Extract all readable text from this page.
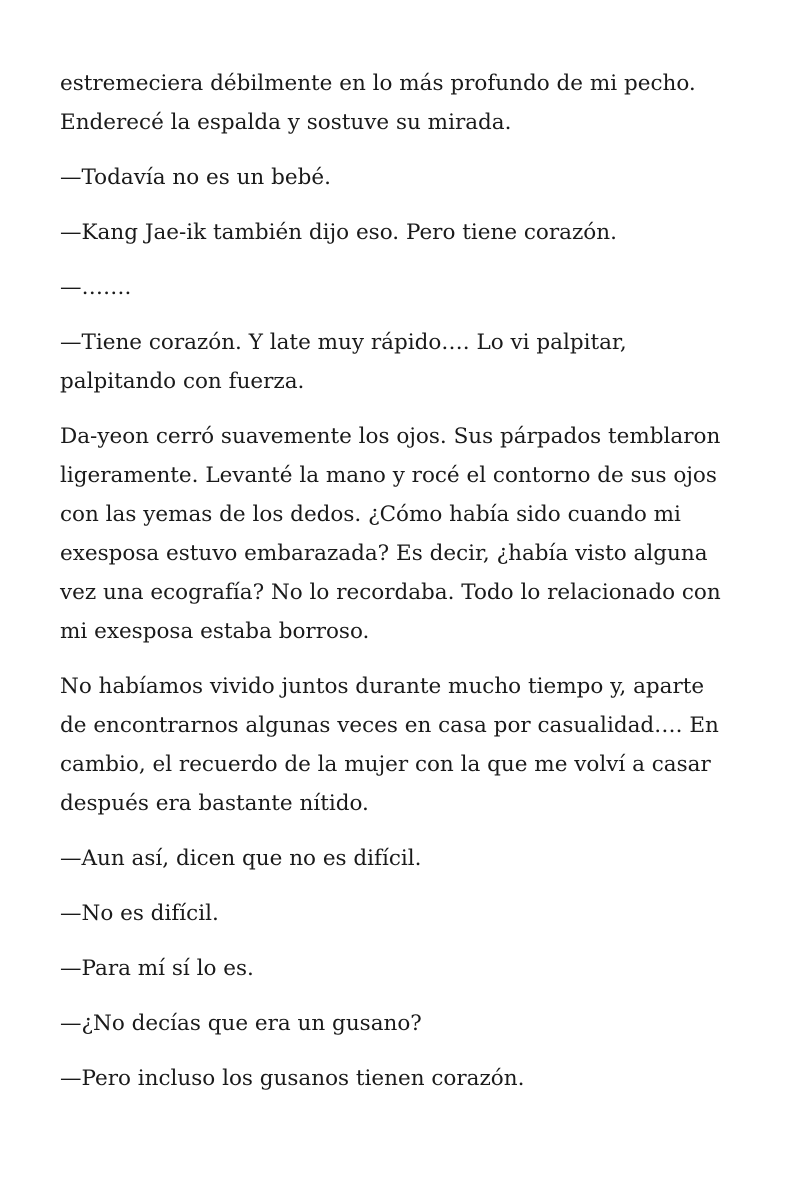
estremeciera débilmente en lo más profundo de mi pecho.
Enderecé la espalda y sostuve su mirada.

—Todavía no es un bebé.

—Kang Jae-ik también dijo eso. Pero tiene corazón.

—…….

—Tiene corazón. Y late muy rápido…. Lo vi palpitar,
palpitando con fuerza.

Da-yeon cerró suavemente los ojos. Sus párpados temblaron
ligeramente. Levanté la mano y rocé el contorno de sus ojos
con las yemas de los dedos. ¿Cómo había sido cuando mi
exesposa estuvo embarazada? Es decir, ¿había visto alguna
vez una ecografía? No lo recordaba. Todo lo relacionado con
mi exesposa estaba borroso.

No habíamos vivido juntos durante mucho tiempo y, aparte
de encontrarnos algunas veces en casa por casualidad…. En
cambio, el recuerdo de la mujer con la que me volví a casar
después era bastante nítido.

—Aun así, dicen que no es difícil.

—No es difícil.

—Para mí sí lo es.

—¿No decías que era un gusano?

—Pero incluso los gusanos tienen corazón.
